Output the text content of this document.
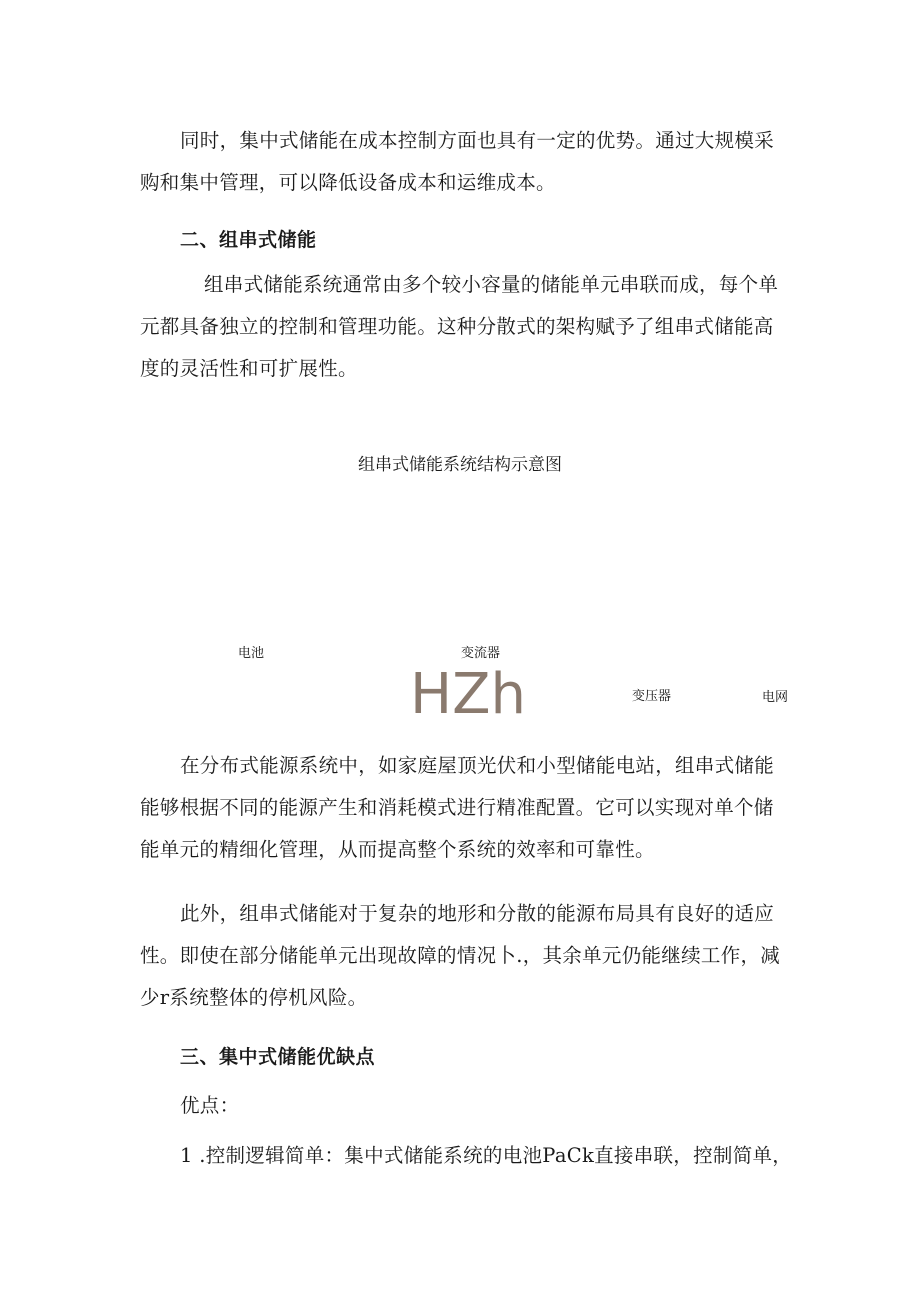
同时，集中式储能在成本控制方面也具有一定的优势。通过大规模采购和集中管理，可以降低设备成本和运维成本。

二、组串式储能

组串式储能系统通常由多个较小容量的储能单元串联而成，每个单元都具备独立的控制和管理功能。这种分散式的架构赋予了组串式储能高度的灵活性和可扩展性。

组串式储能系统结构示意图
电池	变流器
HZh	变压器	电网

在分布式能源系统中，如家庭屋顶光伏和小型储能电站，组串式储能能够根据不同的能源产生和消耗模式进行精准配置。它可以实现对单个储能单元的精细化管理，从而提高整个系统的效率和可靠性。

此外，组串式储能对于复杂的地形和分散的能源布局具有良好的适应性。即使在部分储能单元出现故障的情况卜.，其余单元仍能继续工作，减少r系统整体的停机风险。

三、集中式储能优缺点

优点：

1 .控制逻辑简单：集中式储能系统的电池PaCk直接串联，控制简单，
